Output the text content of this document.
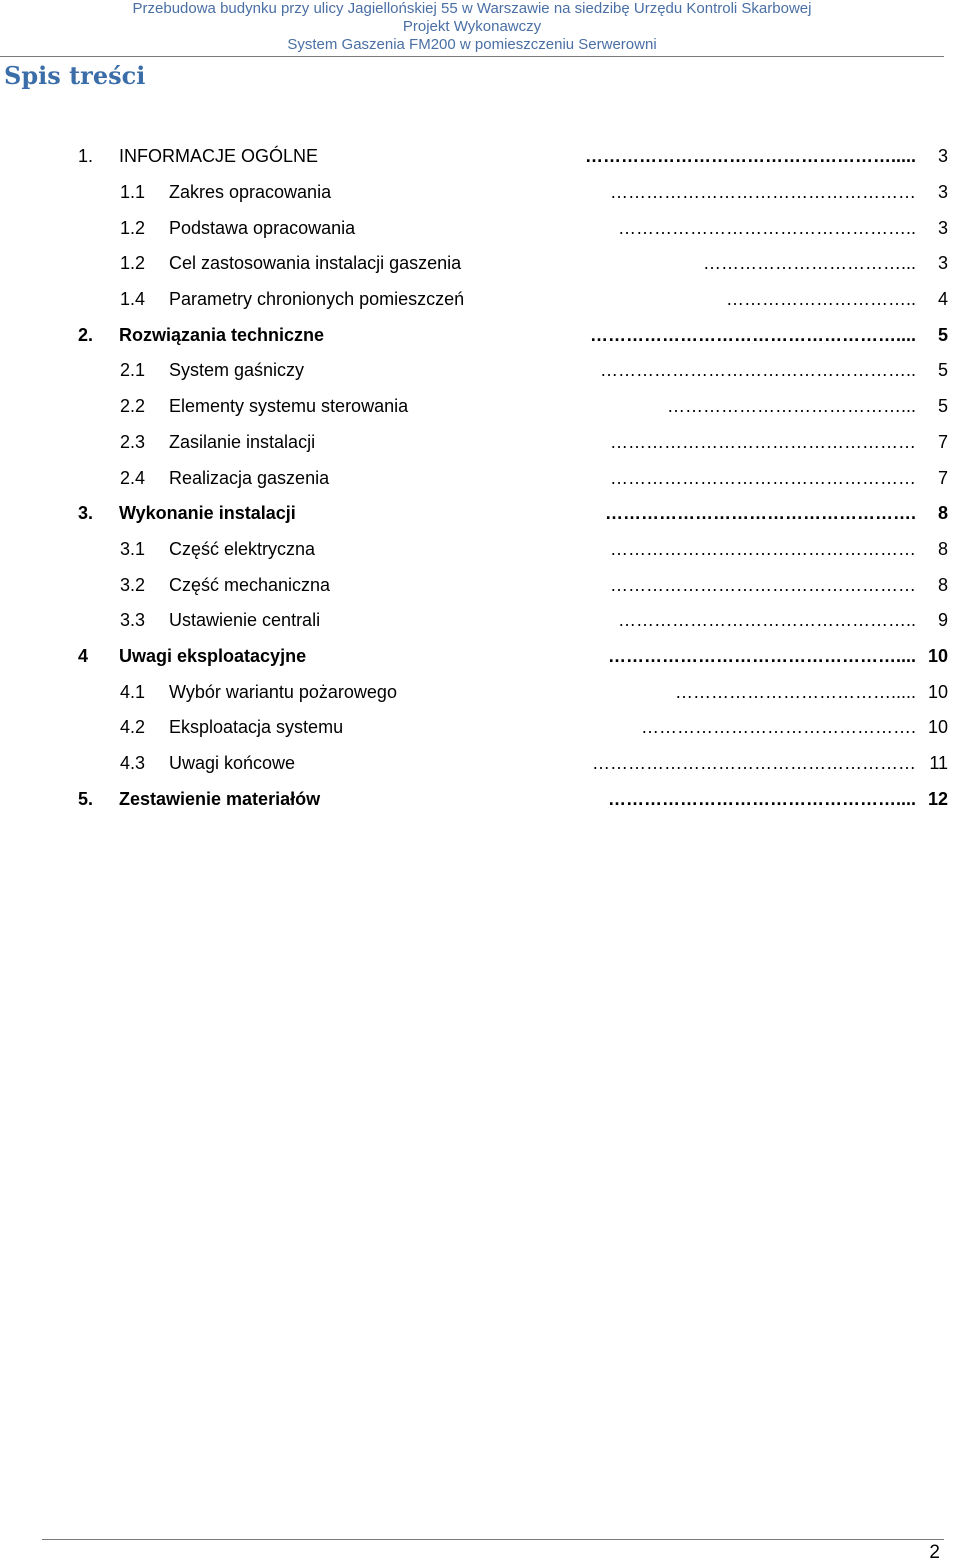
Przebudowa budynku przy ulicy Jagiellońskiej 55 w Warszawie na siedzibę Urzędu Kontroli Skarbowej
Projekt Wykonawczy
System Gaszenia FM200 w pomieszczeniu Serwerowni
Spis treści
1. INFORMACJE OGÓLNE	……………………………………………..... 3
1.1 Zakres opracowania	…………………………………………… 3
1.2 Podstawa opracowania	………………………………………….. 3
1.2 Cel zastosowania instalacji gaszenia	……………………………... 3
1.4 Parametry chronionych pomieszczeń	………………………….. 4
2. Rozwiązania techniczne	…………………………………………….... 5
2.1 System gaśniczy	…………………………………………….. 5
2.2 Elementy systemu sterowania	…………………………………... 5
2.3 Zasilanie instalacji	…………………………………………… 7
2.4 Realizacja gaszenia	…………………………………………… 7
3. Wykonanie instalacji	……………………………………………. 8
3.1 Część elektryczna	…………………………………………… 8
3.2 Część mechaniczna	…………………………………………… 8
3.3 Ustawienie centrali	………………………………………….. 9
4 Uwagi eksploatacyjne	………………………………………….... 10
4.1 Wybór wariantu pożarowego	………………………………..... 10
4.2 Eksploatacja systemu	………………………………………. 10
4.3 Uwagi końcowe	……………………………………………… 11
5. Zestawienie materiałów	………………………………………….... 12
2
